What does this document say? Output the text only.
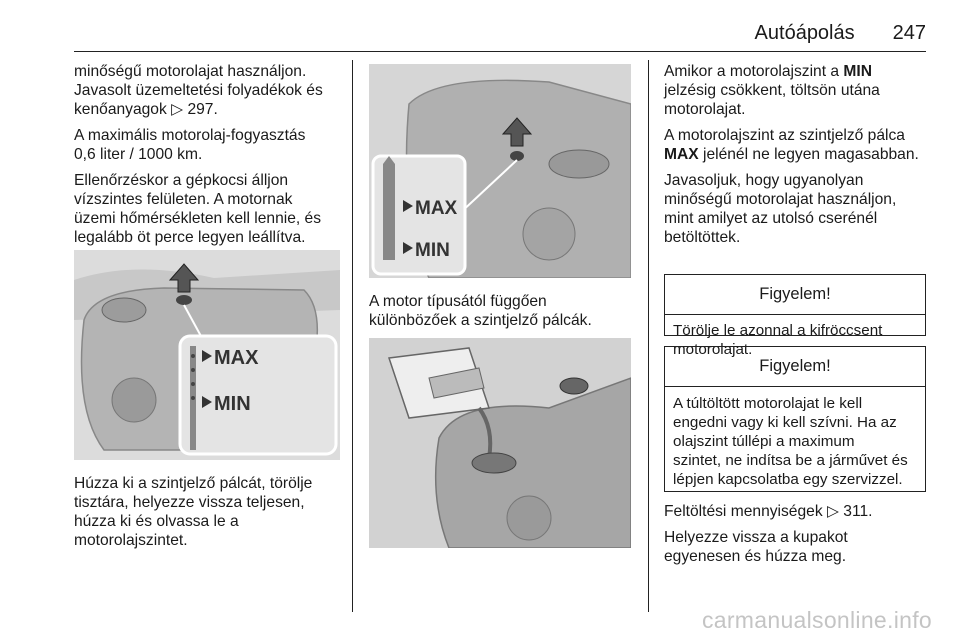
Autóápolás 247

minőségű motorolajat használjon.
Javasolt üzemeltetési folyadékok és
kenőanyagok ▷ 297.

A maximális motorolaj-fogyasztás
0,6 liter / 1000 km.

Ellenőrzéskor a gépkocsi álljon
vízszintes felületen. A motornak
üzemi hőmérsékleten kell lennie, és
legalább öt perce legyen leállítva.

MAX
MIN

Húzza ki a szintjelző pálcát, törölje
tisztára, helyezze vissza teljesen,
húzza ki és olvassa le a
motorolajszintet.

MAX
MIN

A motor típusától függően
különbözőek a szintjelző pálcák.

Amikor a motorolajszint a MIN
jelzésig csökkent, töltsön utána
motorolajat.

A motorolajszint az szintjelző pálca
MAX jelénél ne legyen magasabban.

Javasoljuk, hogy ugyanolyan
minőségű motorolajat használjon,
mint amilyet az utolsó cserénél
betöltöttek.

Figyelem!
Törölje le azonnal a kifröccsent
motorolajat.
Figyelem!
A túltöltött motorolajat le kell
engedni vagy ki kell szívni. Ha az
olajszint túllépi a maximum
szintet, ne indítsa be a járművet és
lépjen kapcsolatba egy szervizzel.

Feltöltési mennyiségek ▷ 311.

Helyezze vissza a kupakot
egyenesen és húzza meg.

carmanualsonline.info
